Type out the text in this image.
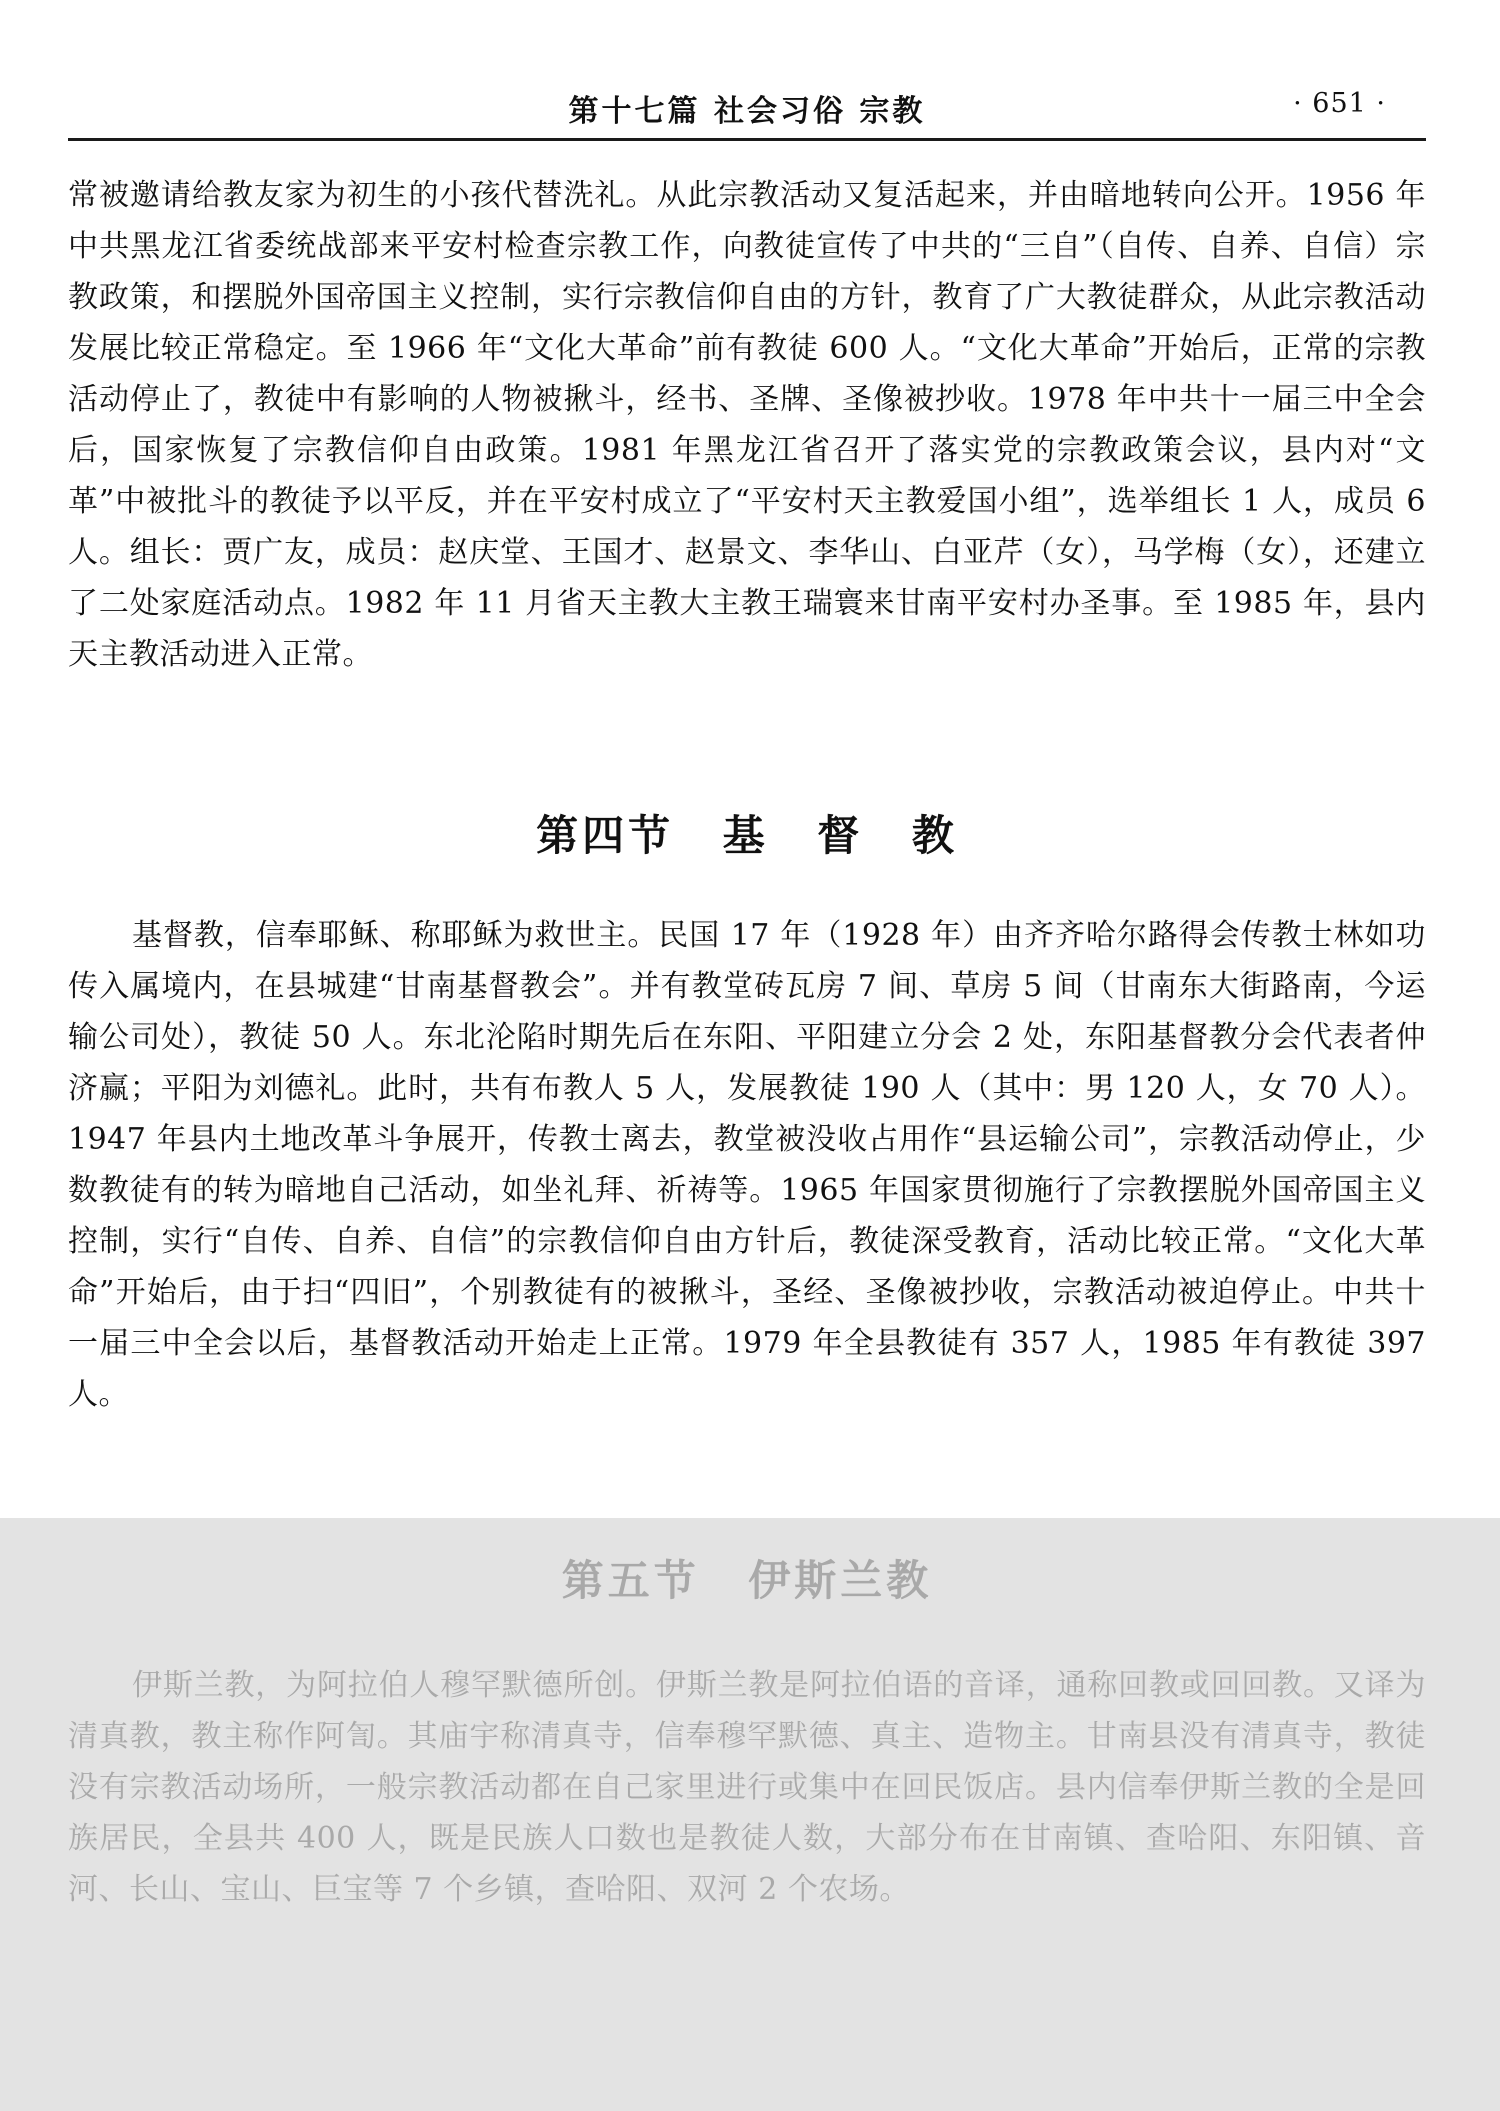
第十七篇 社会习俗 宗教	· 651 ·

常被邀请给教友家为初生的小孩代替洗礼。从此宗教活动又复活起来，并由暗地转向公开。1956 年中共黑龙江省委统战部来平安村检查宗教工作，向教徒宣传了中共的“三自”（自传、自养、自信）宗教政策，和摆脱外国帝国主义控制，实行宗教信仰自由的方针，教育了广大教徒群众，从此宗教活动发展比较正常稳定。至 1966 年“文化大革命”前有教徒 600 人。“文化大革命”开始后，正常的宗教活动停止了，教徒中有影响的人物被揪斗，经书、圣牌、圣像被抄收。1978 年中共十一届三中全会后，国家恢复了宗教信仰自由政策。1981 年黑龙江省召开了落实党的宗教政策会议，县内对“文革”中被批斗的教徒予以平反，并在平安村成立了“平安村天主教爱国小组”，选举组长 1 人，成员 6 人。组长：贾广友，成员：赵庆堂、王国才、赵景文、李华山、白亚芹（女），马学梅（女），还建立了二处家庭活动点。1982 年 11 月省天主教大主教王瑞寰来甘南平安村办圣事。至 1985 年，县内天主教活动进入正常。

第四节 基 督 教

基督教，信奉耶稣、称耶稣为救世主。民国 17 年（1928 年）由齐齐哈尔路得会传教士林如功传入属境内，在县城建“甘南基督教会”。并有教堂砖瓦房 7 间、草房 5 间（甘南东大街路南，今运输公司处），教徒 50 人。东北沦陷时期先后在东阳、平阳建立分会 2 处，东阳基督教分会代表者仲济赢；平阳为刘德礼。此时，共有布教人 5 人，发展教徒 190 人（其中：男 120 人，女 70 人）。1947 年县内土地改革斗争展开，传教士离去，教堂被没收占用作“县运输公司”，宗教活动停止，少数教徒有的转为暗地自己活动，如坐礼拜、祈祷等。1965 年国家贯彻施行了宗教摆脱外国帝国主义控制，实行“自传、自养、自信”的宗教信仰自由方针后，教徒深受教育，活动比较正常。“文化大革命”开始后，由于扫“四旧”，个别教徒有的被揪斗，圣经、圣像被抄收，宗教活动被迫停止。中共十一届三中全会以后，基督教活动开始走上正常。1979 年全县教徒有 357 人，1985 年有教徒 397 人。

第五节 伊斯兰教

伊斯兰教，为阿拉伯人穆罕默德所创。伊斯兰教是阿拉伯语的音译，通称回教或回回教。又译为清真教，教主称作阿訇。其庙宇称清真寺，信奉穆罕默德、真主、造物主。甘南县没有清真寺，教徒没有宗教活动场所，一般宗教活动都在自己家里进行或集中在回民饭店。县内信奉伊斯兰教的全是回族居民，全县共 400 人，既是民族人口数也是教徒人数，大部分布在甘南镇、查哈阳、东阳镇、音河、长山、宝山、巨宝等 7 个乡镇，查哈阳、双河 2 个农场。
